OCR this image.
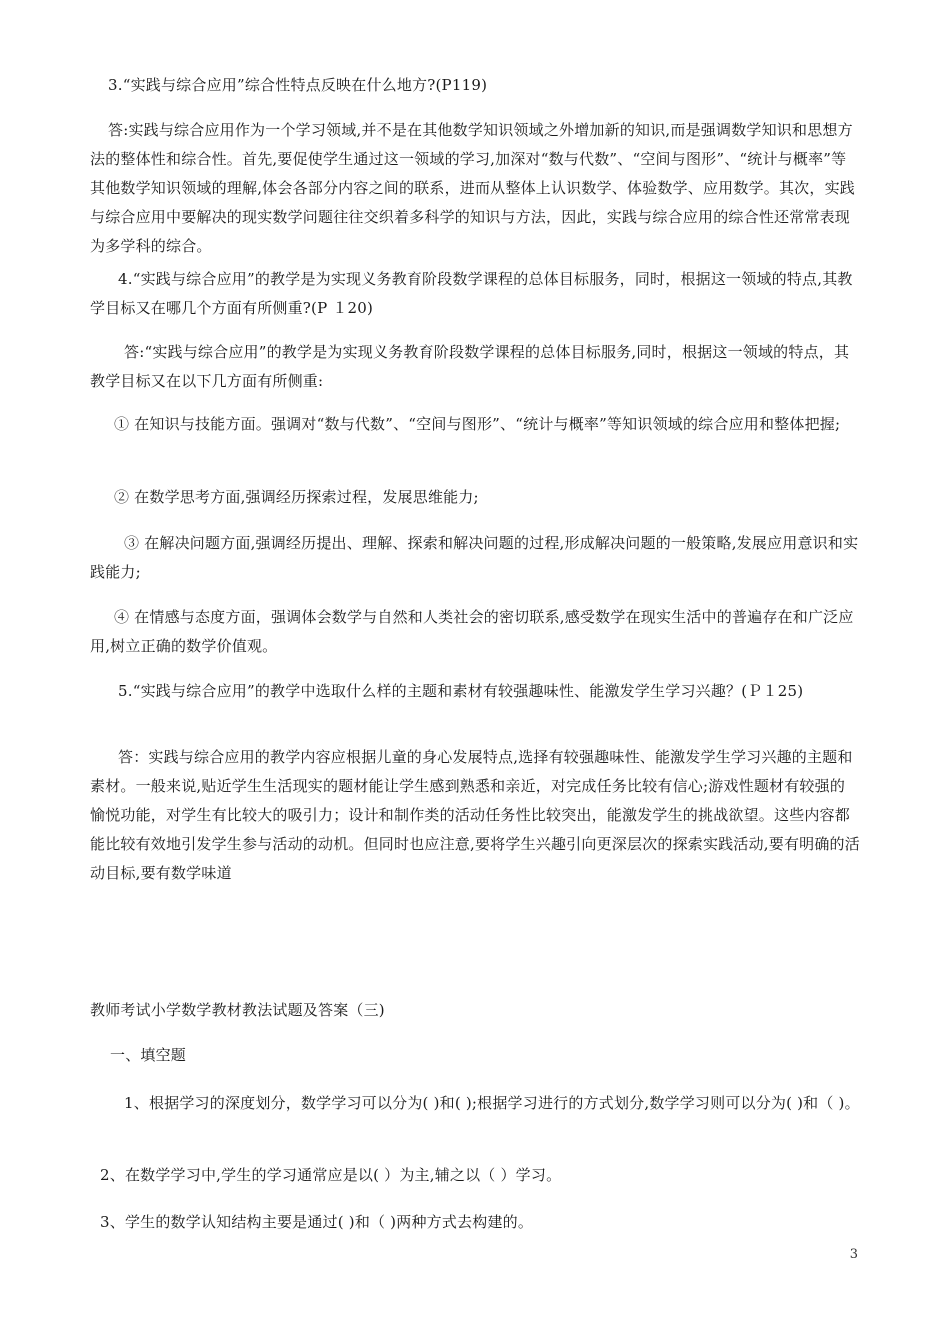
3.“实践与综合应用”综合性特点反映在什么地方?(P119)

答:实践与综合应用作为一个学习领域,并不是在其他数学知识领域之外增加新的知识,而是强调数学知识和思想方法的整体性和综合性。首先,要促使学生通过这一领域的学习,加深对“数与代数”、“空间与图形”、“统计与概率”等其他数学知识领域的理解,体会各部分内容之间的联系，进而从整体上认识数学、体验数学、应用数学。其次，实践与综合应用中要解决的现实数学问题往往交织着多科学的知识与方法，因此，实践与综合应用的综合性还常常表现为多学科的综合。

4.“实践与综合应用”的教学是为实现义务教育阶段数学课程的总体目标服务，同时，根据这一领域的特点,其教学目标又在哪几个方面有所侧重?(P １20)

答:“实践与综合应用”的教学是为实现义务教育阶段数学课程的总体目标服务,同时，根据这一领域的特点，其教学目标又在以下几方面有所侧重:

① 在知识与技能方面。强调对“数与代数”、“空间与图形”、“统计与概率”等知识领域的综合应用和整体把握;

② 在数学思考方面,强调经历探索过程，发展思维能力;

③ 在解决问题方面,强调经历提出、理解、探索和解决问题的过程,形成解决问题的一般策略,发展应用意识和实践能力;

④ 在情感与态度方面，强调体会数学与自然和人类社会的密切联系,感受数学在现实生活中的普遍存在和广泛应用,树立正确的数学价值观。

5.“实践与综合应用”的教学中选取什么样的主题和素材有较强趣味性、能激发学生学习兴趣？(Ｐ１25)

答：实践与综合应用的教学内容应根据儿童的身心发展特点,选择有较强趣味性、能激发学生学习兴趣的主题和素材。一般来说,贴近学生生活现实的题材能让学生感到熟悉和亲近，对完成任务比较有信心;游戏性题材有较强的愉悦功能，对学生有比较大的吸引力；设计和制作类的活动任务性比较突出，能激发学生的挑战欲望。这些内容都能比较有效地引发学生参与活动的动机。但同时也应注意,要将学生兴趣引向更深层次的探索实践活动,要有明确的活动目标,要有数学味道

教师考试小学数学教材教法试题及答案（三)

一、填空题

1、根据学习的深度划分，数学学习可以分为( )和( );根据学习进行的方式划分,数学学习则可以分为( )和（ )。

2、在数学学习中,学生的学习通常应是以( ）为主,辅之以（ ）学习。

3、学生的数学认知结构主要是通过( )和（ )两种方式去构建的。

3
